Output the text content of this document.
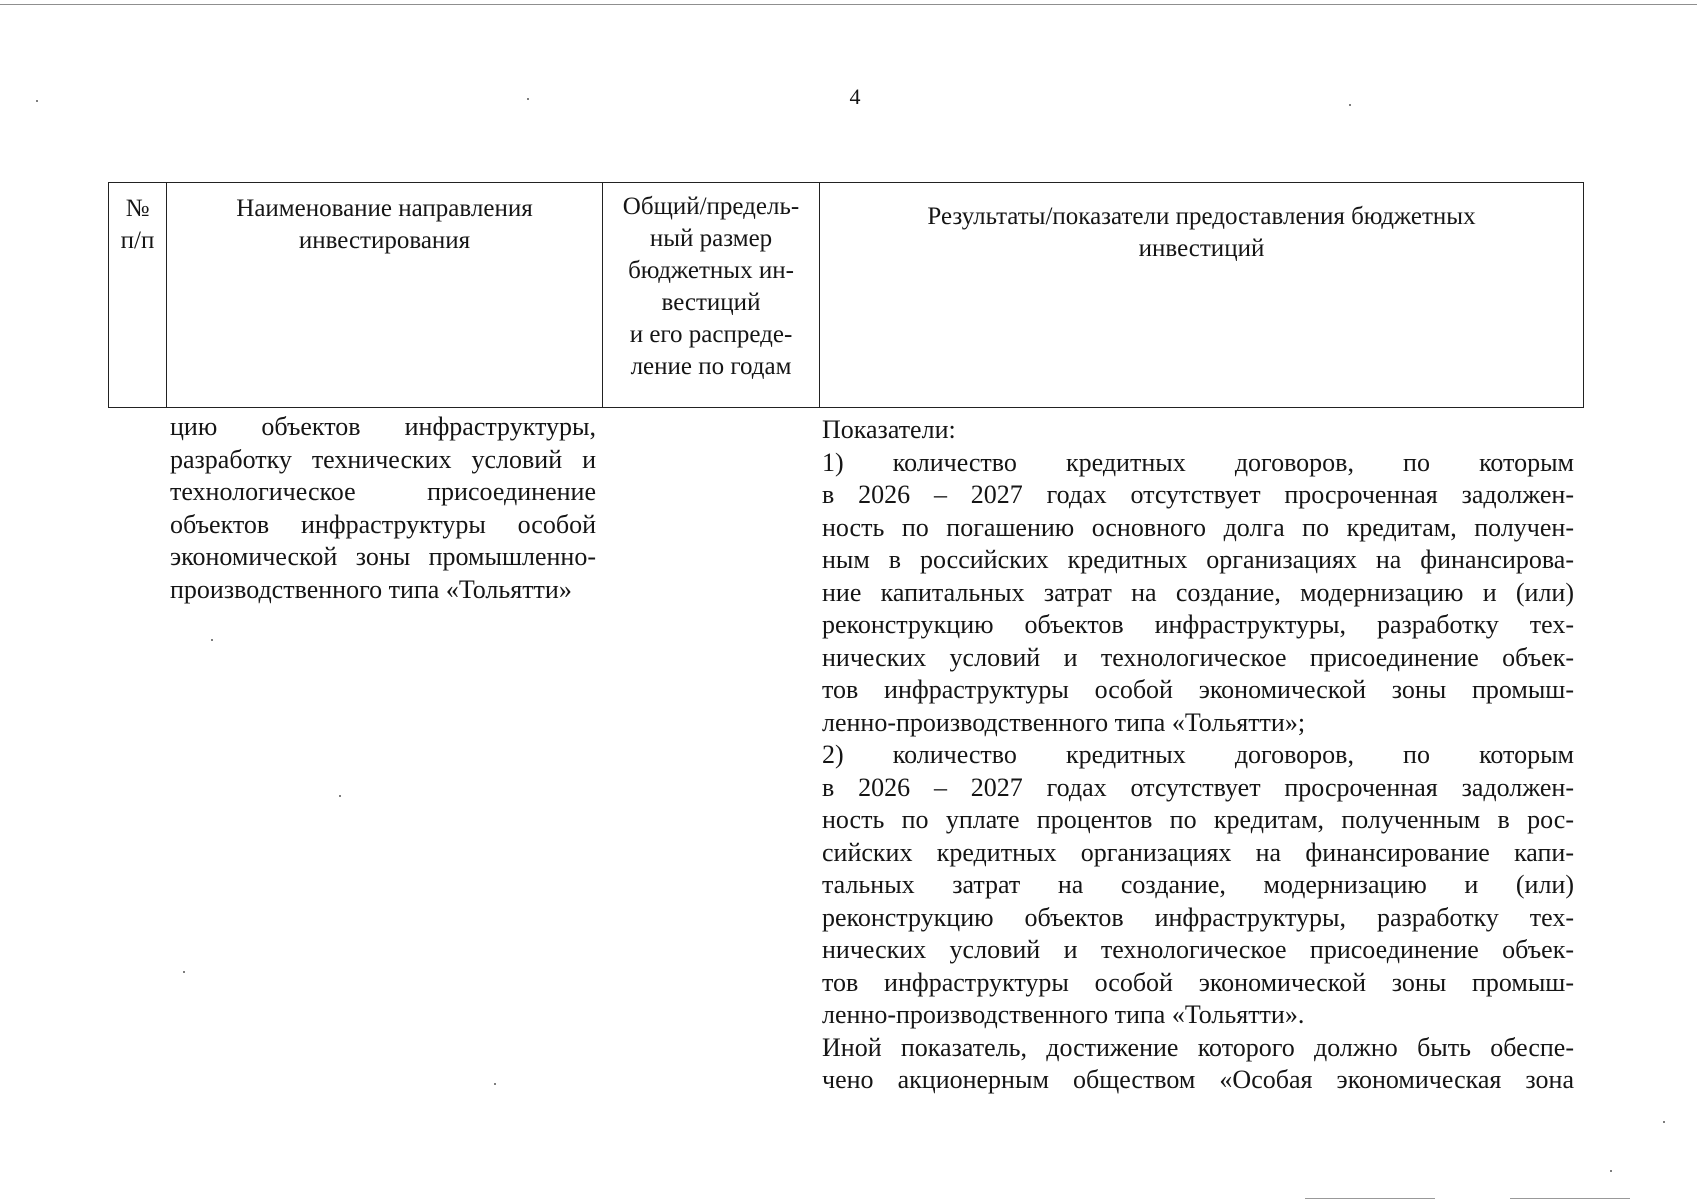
4
№
п/п
Наименование направления
инвестирования
Общий/предель-
ный размер
бюджетных ин-
вестиций
и его распреде-
ление по годам
Результаты/показатели предоставления бюджетных
инвестиций
цию объектов инфраструктуры,
разработку технических условий и
технологическое присоединение
объектов инфраструктуры особой
экономической зоны промышленно-
производственного типа «Тольятти»
Показатели:
1) количество кредитных договоров, по которым
в 2026 – 2027 годах отсутствует просроченная задолжен-
ность по погашению основного долга по кредитам, получен-
ным в российских кредитных организациях на финансирова-
ние капитальных затрат на создание, модернизацию и (или)
реконструкцию объектов инфраструктуры, разработку тех-
нических условий и технологическое присоединение объек-
тов инфраструктуры особой экономической зоны промыш-
ленно-производственного типа «Тольятти»;
2) количество кредитных договоров, по которым
в 2026 – 2027 годах отсутствует просроченная задолжен-
ность по уплате процентов по кредитам, полученным в рос-
сийских кредитных организациях на финансирование капи-
тальных затрат на создание, модернизацию и (или)
реконструкцию объектов инфраструктуры, разработку тех-
нических условий и технологическое присоединение объек-
тов инфраструктуры особой экономической зоны промыш-
ленно-производственного типа «Тольятти».
Иной показатель, достижение которого должно быть обеспе-
чено акционерным обществом «Особая экономическая зона
